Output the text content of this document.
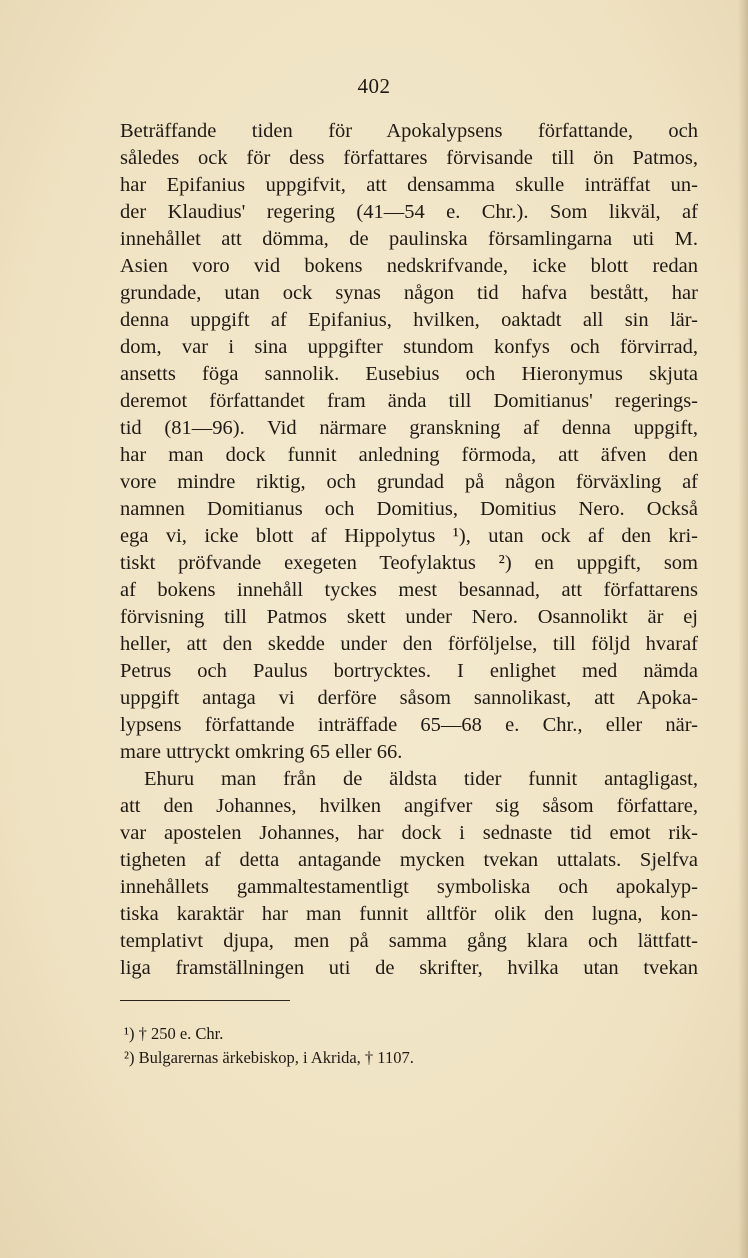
402
Beträffande tiden för Apokalypsens författande, och
således ock för dess författares förvisande till ön Patmos,
har Epifanius uppgifvit, att densamma skulle inträffat un-
der Klaudius' regering (41—54 e. Chr.). Som likväl, af
innehållet att dömma, de paulinska församlingarna uti M.
Asien voro vid bokens nedskrifvande, icke blott redan
grundade, utan ock synas någon tid hafva bestått, har
denna uppgift af Epifanius, hvilken, oaktadt all sin lär-
dom, var i sina uppgifter stundom konfys och förvirrad,
ansetts föga sannolik. Eusebius och Hieronymus skjuta
deremot författandet fram ända till Domitianus' regerings-
tid (81—96). Vid närmare granskning af denna uppgift,
har man dock funnit anledning förmoda, att äfven den
vore mindre riktig, och grundad på någon förväxling af
namnen Domitianus och Domitius, Domitius Nero. Också
ega vi, icke blott af Hippolytus ¹), utan ock af den kri-
tiskt pröfvande exegeten Teofylaktus ²) en uppgift, som
af bokens innehåll tyckes mest besannad, att författarens
förvisning till Patmos skett under Nero. Osannolikt är ej
heller, att den skedde under den förföljelse, till följd hvaraf
Petrus och Paulus bortrycktes. I enlighet med nämda
uppgift antaga vi derföre såsom sannolikast, att Apoka-
lypsens författande inträffade 65—68 e. Chr., eller när-
mare uttryckt omkring 65 eller 66.
Ehuru man från de äldsta tider funnit antagligast,
att den Johannes, hvilken angifver sig såsom författare,
var apostelen Johannes, har dock i sednaste tid emot rik-
tigheten af detta antagande mycken tvekan uttalats. Sjelfva
innehållets gammaltestamentligt symboliska och apokalyp-
tiska karaktär har man funnit alltför olik den lugna, kon-
templativt djupa, men på samma gång klara och lättfatt-
liga framställningen uti de skrifter, hvilka utan tvekan
¹) † 250 e. Chr.
²) Bulgarernas ärkebiskop, i Akrida, † 1107.
